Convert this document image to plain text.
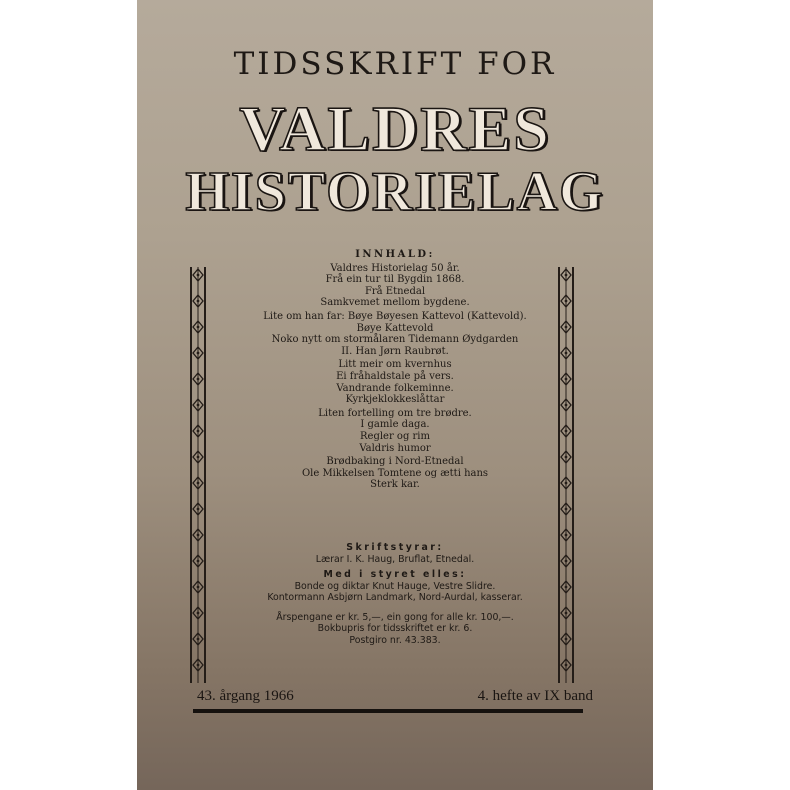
TIDSSKRIFT FOR
VALDRES
HISTORIELAG
INNHALD:
Valdres Historielag 50 år.
Frå ein tur til Bygdin 1868.
Frå Etnedal
Samkvemet mellom bygdene.
Lite om han far: Bøye Bøyesen Kattevol (Kattevold).
Bøye Kattevold
Noko nytt om stormålaren Tidemann Øydgarden
II. Han Jørn Raubrøt.
Litt meir om kvernhus
Ei fråhaldstale på vers.
Vandrande folkeminne.
Kyrkjeklokkeslåttar
Liten fortelling om tre brødre.
I gamle daga.
Regler og rim
Valdris humor
Brødbaking i Nord-Etnedal
Ole Mikkelsen Tomtene og ætti hans
Sterk kar.
Skriftstyrar:
Lærar I. K. Haug, Bruflat, Etnedal.
Med i styret elles:
Bonde og diktar Knut Hauge, Vestre Slidre.
Kontormann Asbjørn Landmark, Nord-Aurdal, kasserar.
Årspengane er kr. 5,—, ein gong for alle kr. 100,—.
Bokbupris for tidsskriftet er kr. 6.
Postgiro nr. 43.383.
43. årgang 1966	4. hefte av IX band
